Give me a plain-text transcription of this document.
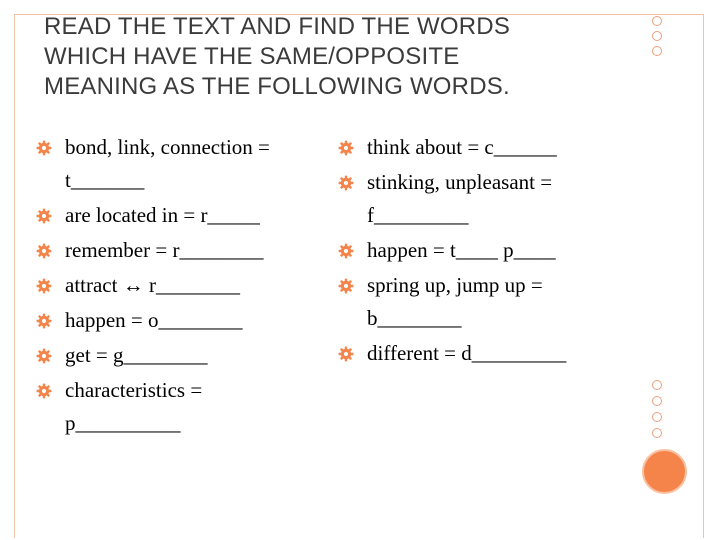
READ THE TEXT AND FIND THE WORDS
WHICH HAVE THE SAME/OPPOSITE
MEANING AS THE FOLLOWING WORDS.
bond, link, connection =
t_______
are located in = r_____
remember = r________
attract ↔ r________
happen = o________
get = g________
characteristics =
p__________
think about = c______
stinking, unpleasant =
f_________
happen = t____ p____
spring up, jump up =
b________
different = d_________
